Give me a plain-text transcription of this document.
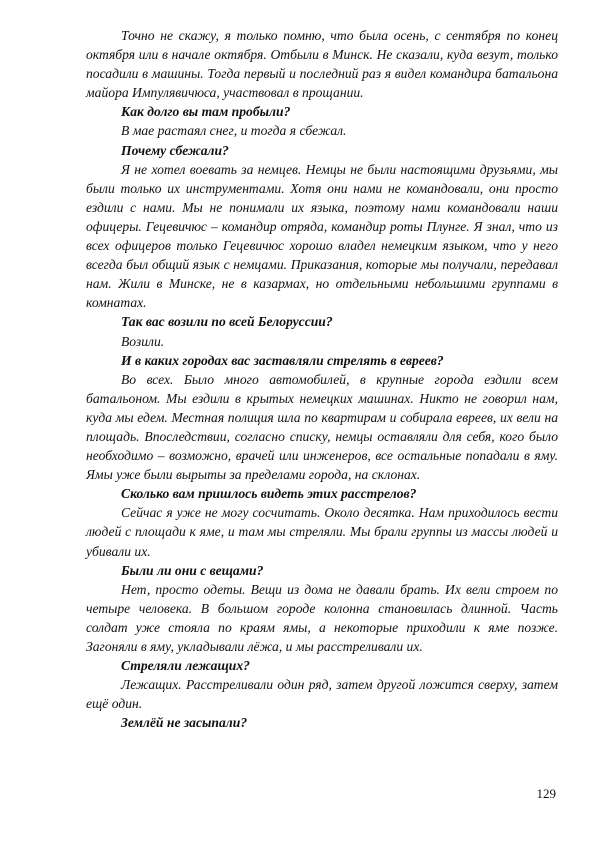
Точно не скажу, я только помню, что была осень, с сентября по конец октября или в начале октября. Отбыли в Минск. Не сказали, куда везут, только посадили в машины. Тогда первый и последний раз я видел командира батальона майора Импулявичюса, участвовал в прощании.

Как долго вы там пробыли?

В мае растаял снег, и тогда я сбежал.

Почему сбежали?

Я не хотел воевать за немцев. Немцы не были настоящими друзьями, мы были только их инструментами. Хотя они нами не командовали, они просто ездили с нами. Мы не понимали их языка, поэтому нами командовали наши офицеры. Гецевичюс – командир отряда, командир роты Плунге. Я знал, что из всех офицеров только Гецевичюс хорошо владел немецким языком, что у него всегда был общий язык с немцами. Приказания, которые мы получали, передавал нам. Жили в Минске, не в казармах, но отдельными небольшими группами в комнатах.

Так вас возили по всей Белоруссии?

Возили.

И в каких городах вас заставляли стрелять в евреев?

Во всех. Было много автомобилей, в крупные города ездили всем батальоном. Мы ездили в крытых немецких машинах. Никто не говорил нам, куда мы едем. Местная полиция шла по квартирам и собирала евреев, их вели на площадь. Впоследствии, согласно списку, немцы оставляли для себя, кого было необходимо – возможно, врачей или инженеров, все остальные попадали в яму. Ямы уже были вырыты за пределами города, на склонах.

Сколько вам пришлось видеть этих расстрелов?

Сейчас я уже не могу сосчитать. Около десятка. Нам приходилось вести людей с площади к яме, и там мы стреляли. Мы брали группы из массы людей и убивали их.

Были ли они с вещами?

Нет, просто одеты. Вещи из дома не давали брать. Их вели строем по четыре человека. В большом городе колонна становилась длинной. Часть солдат уже стояла по краям ямы, а некоторые приходили к яме позже. Загоняли в яму, укладывали лёжа, и мы расстреливали их.

Стреляли лежащих?

Лежащих. Расстреливали один ряд, затем другой ложится сверху, затем ещё один.

Землёй не засыпали?

129
